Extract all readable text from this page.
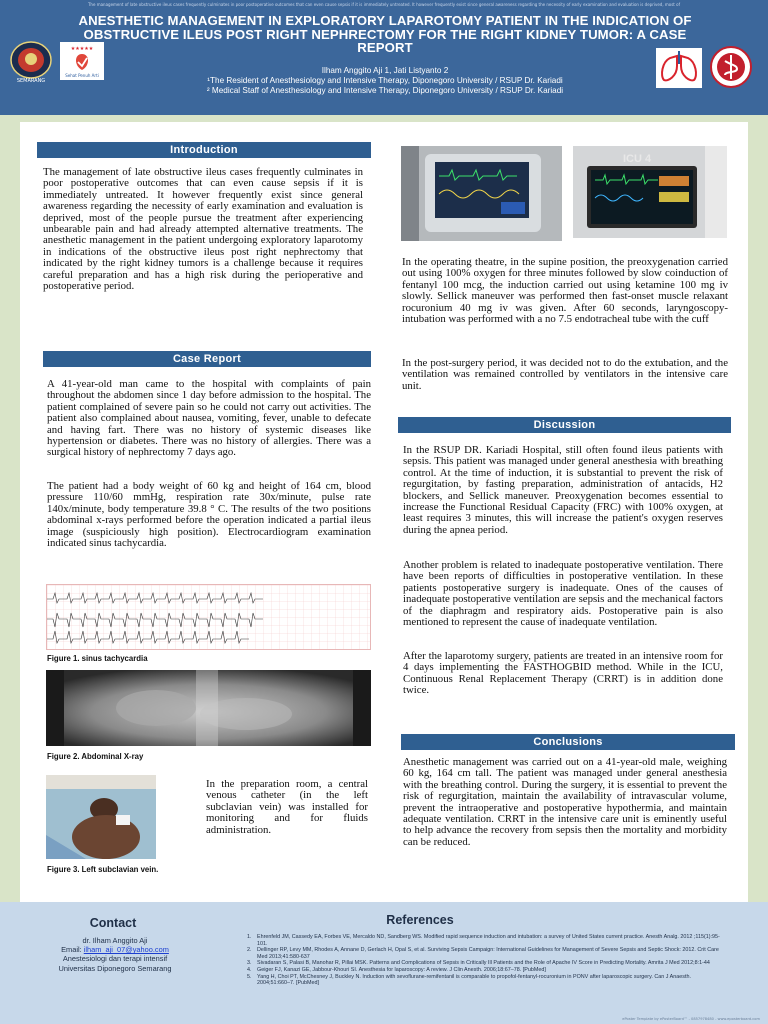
The management of late obstructive ileus cases frequently culminates in poor postoperative outcomes that can even cause sepsis if it is immediately untreated. It however frequently exist since general awareness regarding the necessity of early examination and evaluation is deprived, most of
SEMARANG
★★★★★
Sehat Penuh Arti
ANESTHETIC MANAGEMENT IN EXPLORATORY LAPAROTOMY PATIENT IN THE INDICATION OF OBSTRUCTIVE ILEUS POST RIGHT NEPHRECTOMY FOR THE RIGHT KIDNEY TUMOR: A CASE REPORT
Ilham Anggito Aji 1, Jati Listyanto 2
¹The Resident of Anesthesiology and Intensive Therapy, Diponegoro University / RSUP Dr. Kariadi
² Medical Staff of Anesthesiology and Intensive Therapy, Diponegoro University / RSUP Dr. Kariadi
Introduction
The management of late obstructive ileus cases frequently culminates in poor postoperative outcomes that can even cause sepsis if it is immediately untreated. It however frequently exist since general awareness regarding the necessity of early examination and evaluation is deprived, most of the people pursue the treatment after experiencing unbearable pain and had already attempted alternative treatments. The anesthetic management in the patient undergoing exploratory laparotomy in indications of the obstructive ileus post right nephrectomy that indicated by the right kidney tumors is a challenge because it requires careful preparation and has a high risk during the perioperative and postoperative period.
Case Report
A 41-year-old man came to the hospital with complaints of pain throughout the abdomen since 1 day before admission to the hospital. The patient complained of severe pain so he could not carry out activities. The patient also complained about nausea, vomiting, fever, unable to defecate and having fart. There was no history of systemic diseases like hypertension or diabetes. There was no history of allergies. There was a surgical history of nephrectomy 7 days ago.
The patient had a body weight of 60 kg and height of 164 cm, blood pressure 110/60 mmHg, respiration rate 30x/minute, pulse rate 140x/minute, body temperature 39.8 ° C. The results of the two positions abdominal x-rays performed before the operation indicated a partial ileus image (suspiciously high position). Electrocardiogram examination indicated sinus tachycardia.
Figure 1. sinus tachycardia
Figure 2. Abdominal X-ray
In the preparation room, a central venous catheter (in the left subclavian vein) was installed for monitoring and for fluids administration.
Figure 3. Left subclavian vein.
ICU 4
In the operating theatre, in the supine position, the preoxygenation carried out using 100% oxygen for three minutes followed by slow coinduction of fentanyl 100 mcg, the induction carried out using ketamine 100 mg iv slowly. Sellick maneuver was performed then fast-onset muscle relaxant rocuronium 40 mg iv was given. After 60 seconds, laryngoscopy-intubation was performed with a no 7.5 endotracheal tube with the cuff
In the post-surgery period, it was decided not to do the extubation, and the ventilation was remained controlled by ventilators in the intensive care unit.
Discussion
In the RSUP DR. Kariadi Hospital, still often found ileus patients with sepsis. This patient was managed under general anesthesia with breathing control. At the time of induction, it is substantial to prevent the risk of regurgitation, by fasting preparation, administration of antacids, H2 blockers, and Sellick maneuver. Preoxygenation becomes essential to increase the Functional Residual Capacity (FRC) with 100% oxygen, at least requires 3 minutes, this will increase the patient's oxygen reserves during the apnea period.
Another problem is related to inadequate postoperative ventilation. There have been reports of difficulties in postoperative ventilation. In these patients postoperative surgery is inadequate. Ones of the causes of inadequate postoperative ventilation are sepsis and the mechanical factors of the diaphragm and respiratory aids. Postoperative pain is also mentioned to represent the cause of inadequate ventilation.
After the laparotomy surgery, patients are treated in an intensive room for 4 days implementing the FASTHOGBID method. While in the ICU, Continuous Renal Replacement Therapy (CRRT) is in addition done twice.
Conclusions
Anesthetic management was carried out on a 41-year-old male, weighing 60 kg, 164 cm tall. The patient was managed under general anesthesia with the breathing control. During the surgery, it is essential to prevent the risk of regurgitation, maintain the availability of intravascular volume, prevent the intraoperative and postoperative hypothermia, and maintain adequate ventilation. CRRT in the intensive care unit is eminently useful to help advance the recovery from sepsis then the mortality and morbidity can be reduced.
Contact
dr. Ilham Anggito Aji
Email: ilham_aji_07@yahoo.com
Anestesiologi dan terapi intensif
Universitas Diponegoro Semarang
References
1. Ehrenfeld JM, Cassedy EA, Forbes VE, Mercaldo ND, Sandberg WS. Modified rapid sequence induction and intubation: a survey of United States current practice. Anesth Analg. 2012 ;115(1):95-101.
2. Dellinger RP, Levy MM, Rhodes A, Annane D, Gerlach H, Opal S, et al. Surviving Sepsis Campaign: International Guidelines for Management of Severe Sepsis and Septic Shock: 2012. Crit Care Med 2013;41:580-637
3. Sivadaran S, Palasi B, Manohar R, Pillai MSK. Patterns and Complications of Sepsis in Critically Ill Patients and the Role of Apache IV Score in Predicting Mortality. Amrita J Med 2012;8:1-44
4. Geiger FJ, Kanazi GE, Jabbour-Khouri SI. Anesthesia for laparoscopy: A review. J Clin Anesth. 2006;18:67–78. [PubMed]
5. Yang H, Choi PT, McChesney J, Buckley N. Induction with sevoflurane-remifentanil is comparable to propofol-fentanyl-rocuronium in PONV after laparoscopic surgery. Can J Anaesth. 2004;51:660–7. [PubMed]
ePoster Template by ePosterBoard™ - 0857978480 - www.eposterboard.com
